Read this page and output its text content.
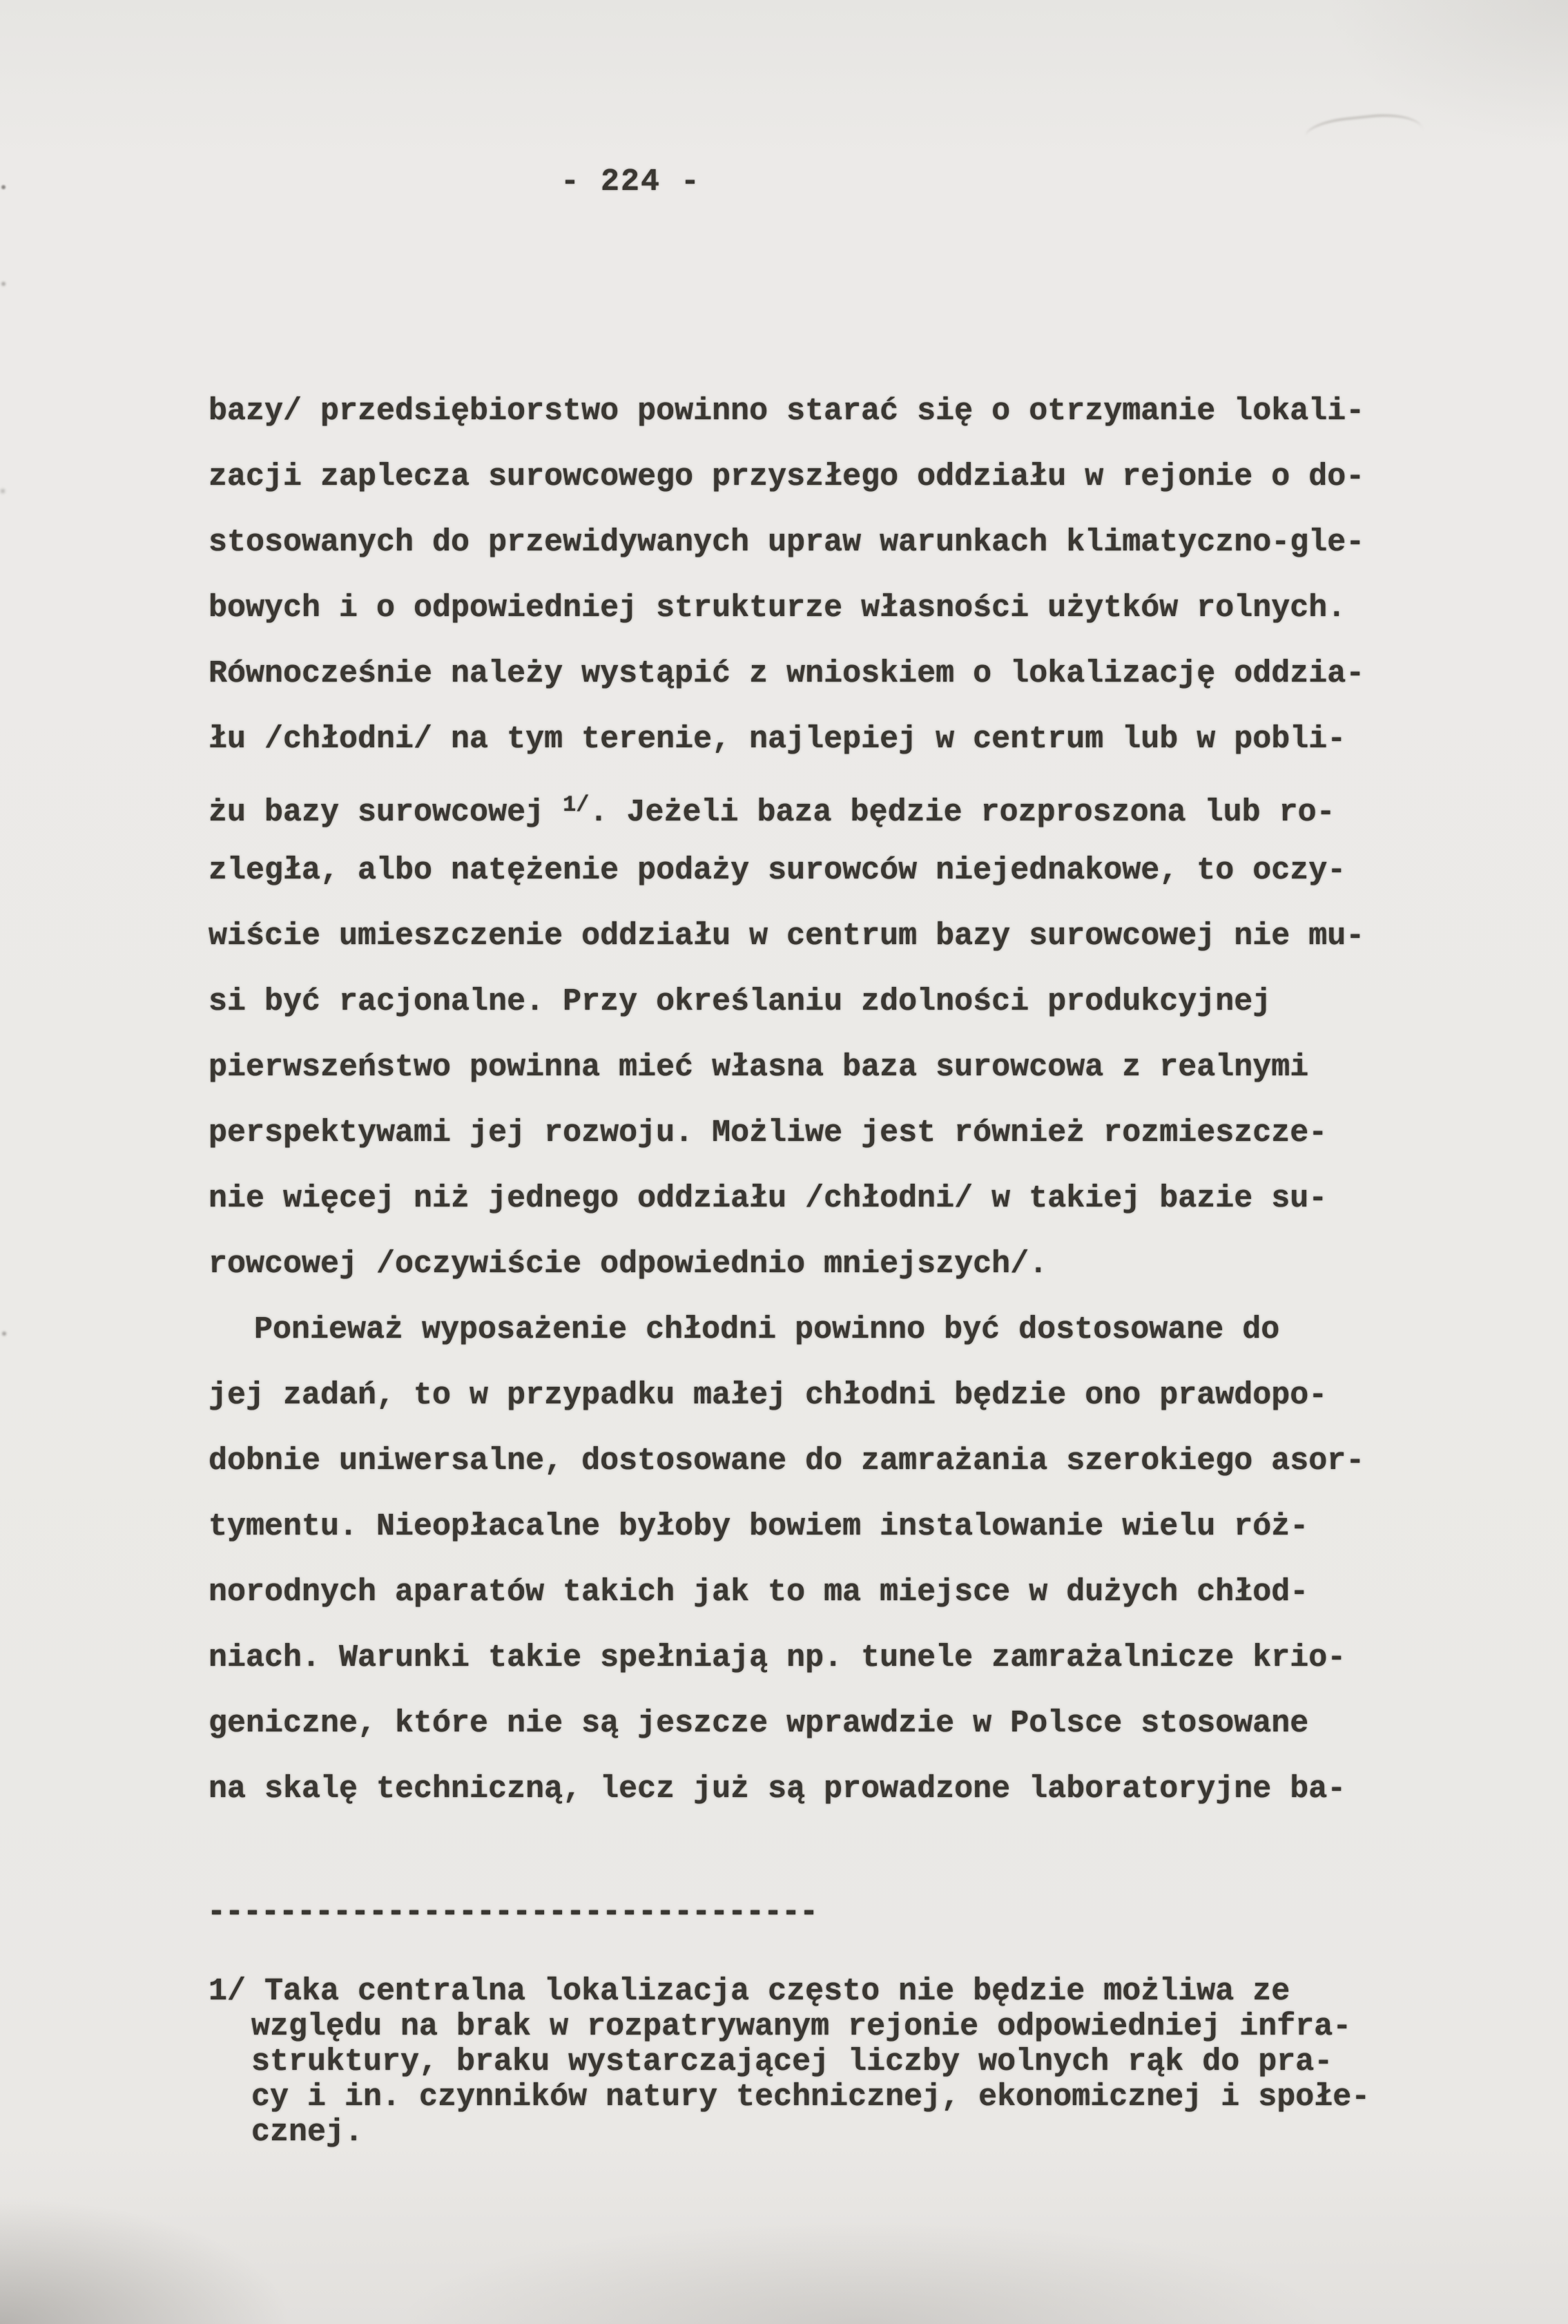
- 224 -
bazy/ przedsiębiorstwo powinno starać się o otrzymanie lokali-
zacji zaplecza surowcowego przyszłego oddziału w rejonie o do-
stosowanych do przewidywanych upraw warunkach klimatyczno-gle-
bowych i o odpowiedniej strukturze własności użytków rolnych.
Równocześnie należy wystąpić z wnioskiem o lokalizację oddzia-
łu /chłodni/ na tym terenie, najlepiej w centrum lub w pobli-
żu bazy surowcowej $^{1/}$. Jeżeli baza będzie rozproszona lub ro-
zległa, albo natężenie podaży surowców niejednakowe, to oczy-
wiście umieszczenie oddziału w centrum bazy surowcowej nie mu-
si być racjonalne. Przy określaniu zdolności produkcyjnej
pierwszeństwo powinna mieć własna baza surowcowa z realnymi
perspektywami jej rozwoju. Możliwe jest również rozmieszcze-
nie więcej niż jednego oddziału /chłodni/ w takiej bazie su-
rowcowej /oczywiście odpowiednio mniejszych/.
Ponieważ wyposażenie chłodni powinno być dostosowane do
jej zadań, to w przypadku małej chłodni będzie ono prawdopo-
dobnie uniwersalne, dostosowane do zamrażania szerokiego asor-
tymentu. Nieopłacalne byłoby bowiem instalowanie wielu róż-
norodnych aparatów takich jak to ma miejsce w dużych chłod-
niach. Warunki takie spełniają np. tunele zamrażalnicze krio-
geniczne, które nie są jeszcze wprawdzie w Polsce stosowane
na skalę techniczną, lecz już są prowadzone laboratoryjne ba-
----------------------------------
1/ Taka centralna lokalizacja często nie będzie możliwa ze
względu na brak w rozpatrywanym rejonie odpowiedniej infra-
struktury, braku wystarczającej liczby wolnych rąk do pra-
cy i in. czynników natury technicznej, ekonomicznej i społe-
cznej.
